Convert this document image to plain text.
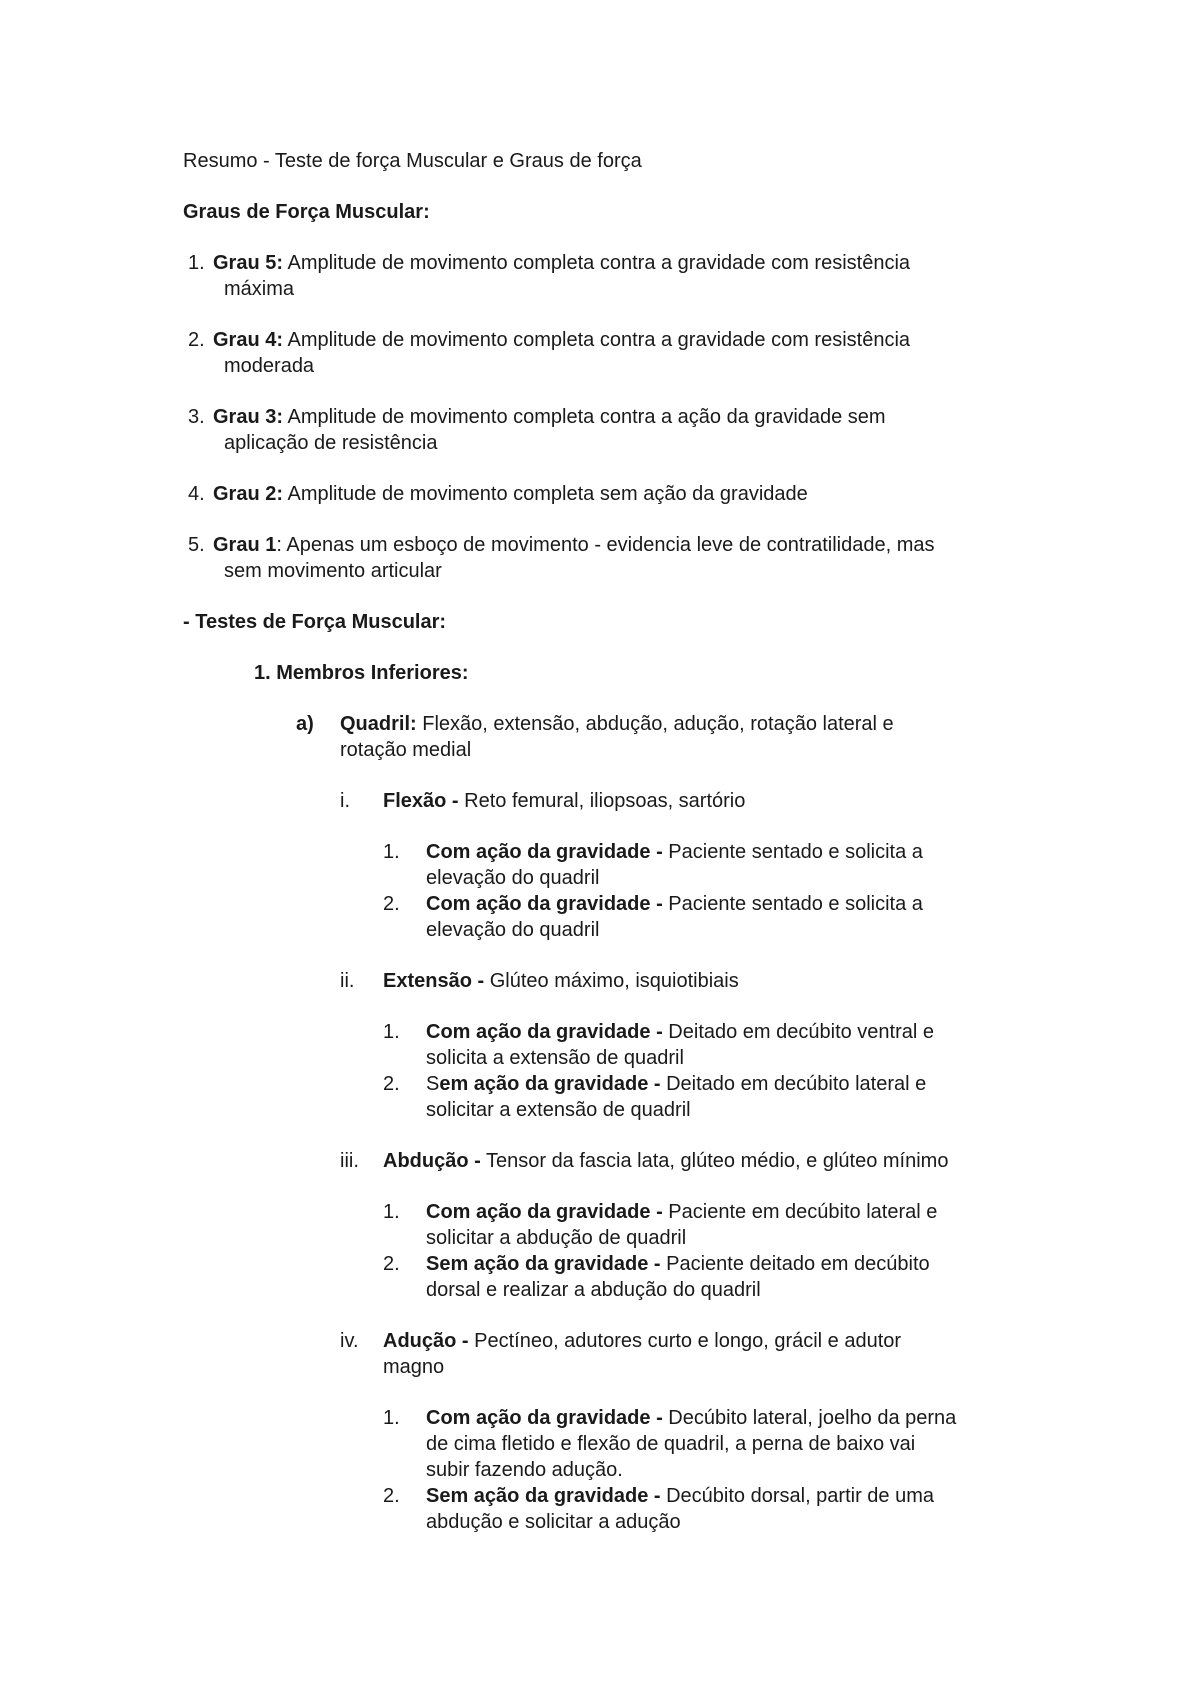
Resumo - Teste de força Muscular e Graus de força
Graus de Força Muscular:
1. Grau 5: Amplitude de movimento completa contra a gravidade com resistência
máxima
2. Grau 4: Amplitude de movimento completa contra a gravidade com resistência
moderada
3. Grau 3: Amplitude de movimento completa contra a ação da gravidade sem
aplicação de resistência
4. Grau 2: Amplitude de movimento completa sem ação da gravidade
5. Grau 1: Apenas um esboço de movimento - evidencia leve de contratilidade, mas
sem movimento articular
- Testes de Força Muscular:
1. Membros Inferiores:
a) Quadril: Flexão, extensão, abdução, adução, rotação lateral e
rotação medial
i. Flexão - Reto femural, iliopsoas, sartório
1. Com ação da gravidade - Paciente sentado e solicita a
elevação do quadril
2. Com ação da gravidade - Paciente sentado e solicita a
elevação do quadril
ii. Extensão - Glúteo máximo, isquiotibiais
1. Com ação da gravidade - Deitado em decúbito ventral e
solicita a extensão de quadril
2. Sem ação da gravidade - Deitado em decúbito lateral e
solicitar a extensão de quadril
iii. Abdução - Tensor da fascia lata, glúteo médio, e glúteo mínimo
1. Com ação da gravidade - Paciente em decúbito lateral e
solicitar a abdução de quadril
2. Sem ação da gravidade - Paciente deitado em decúbito
dorsal e realizar a abdução do quadril
iv. Adução - Pectíneo, adutores curto e longo, grácil e adutor
magno
1. Com ação da gravidade - Decúbito lateral, joelho da perna
de cima fletido e flexão de quadril, a perna de baixo vai
subir fazendo adução.
2. Sem ação da gravidade - Decúbito dorsal, partir de uma
abdução e solicitar a adução
